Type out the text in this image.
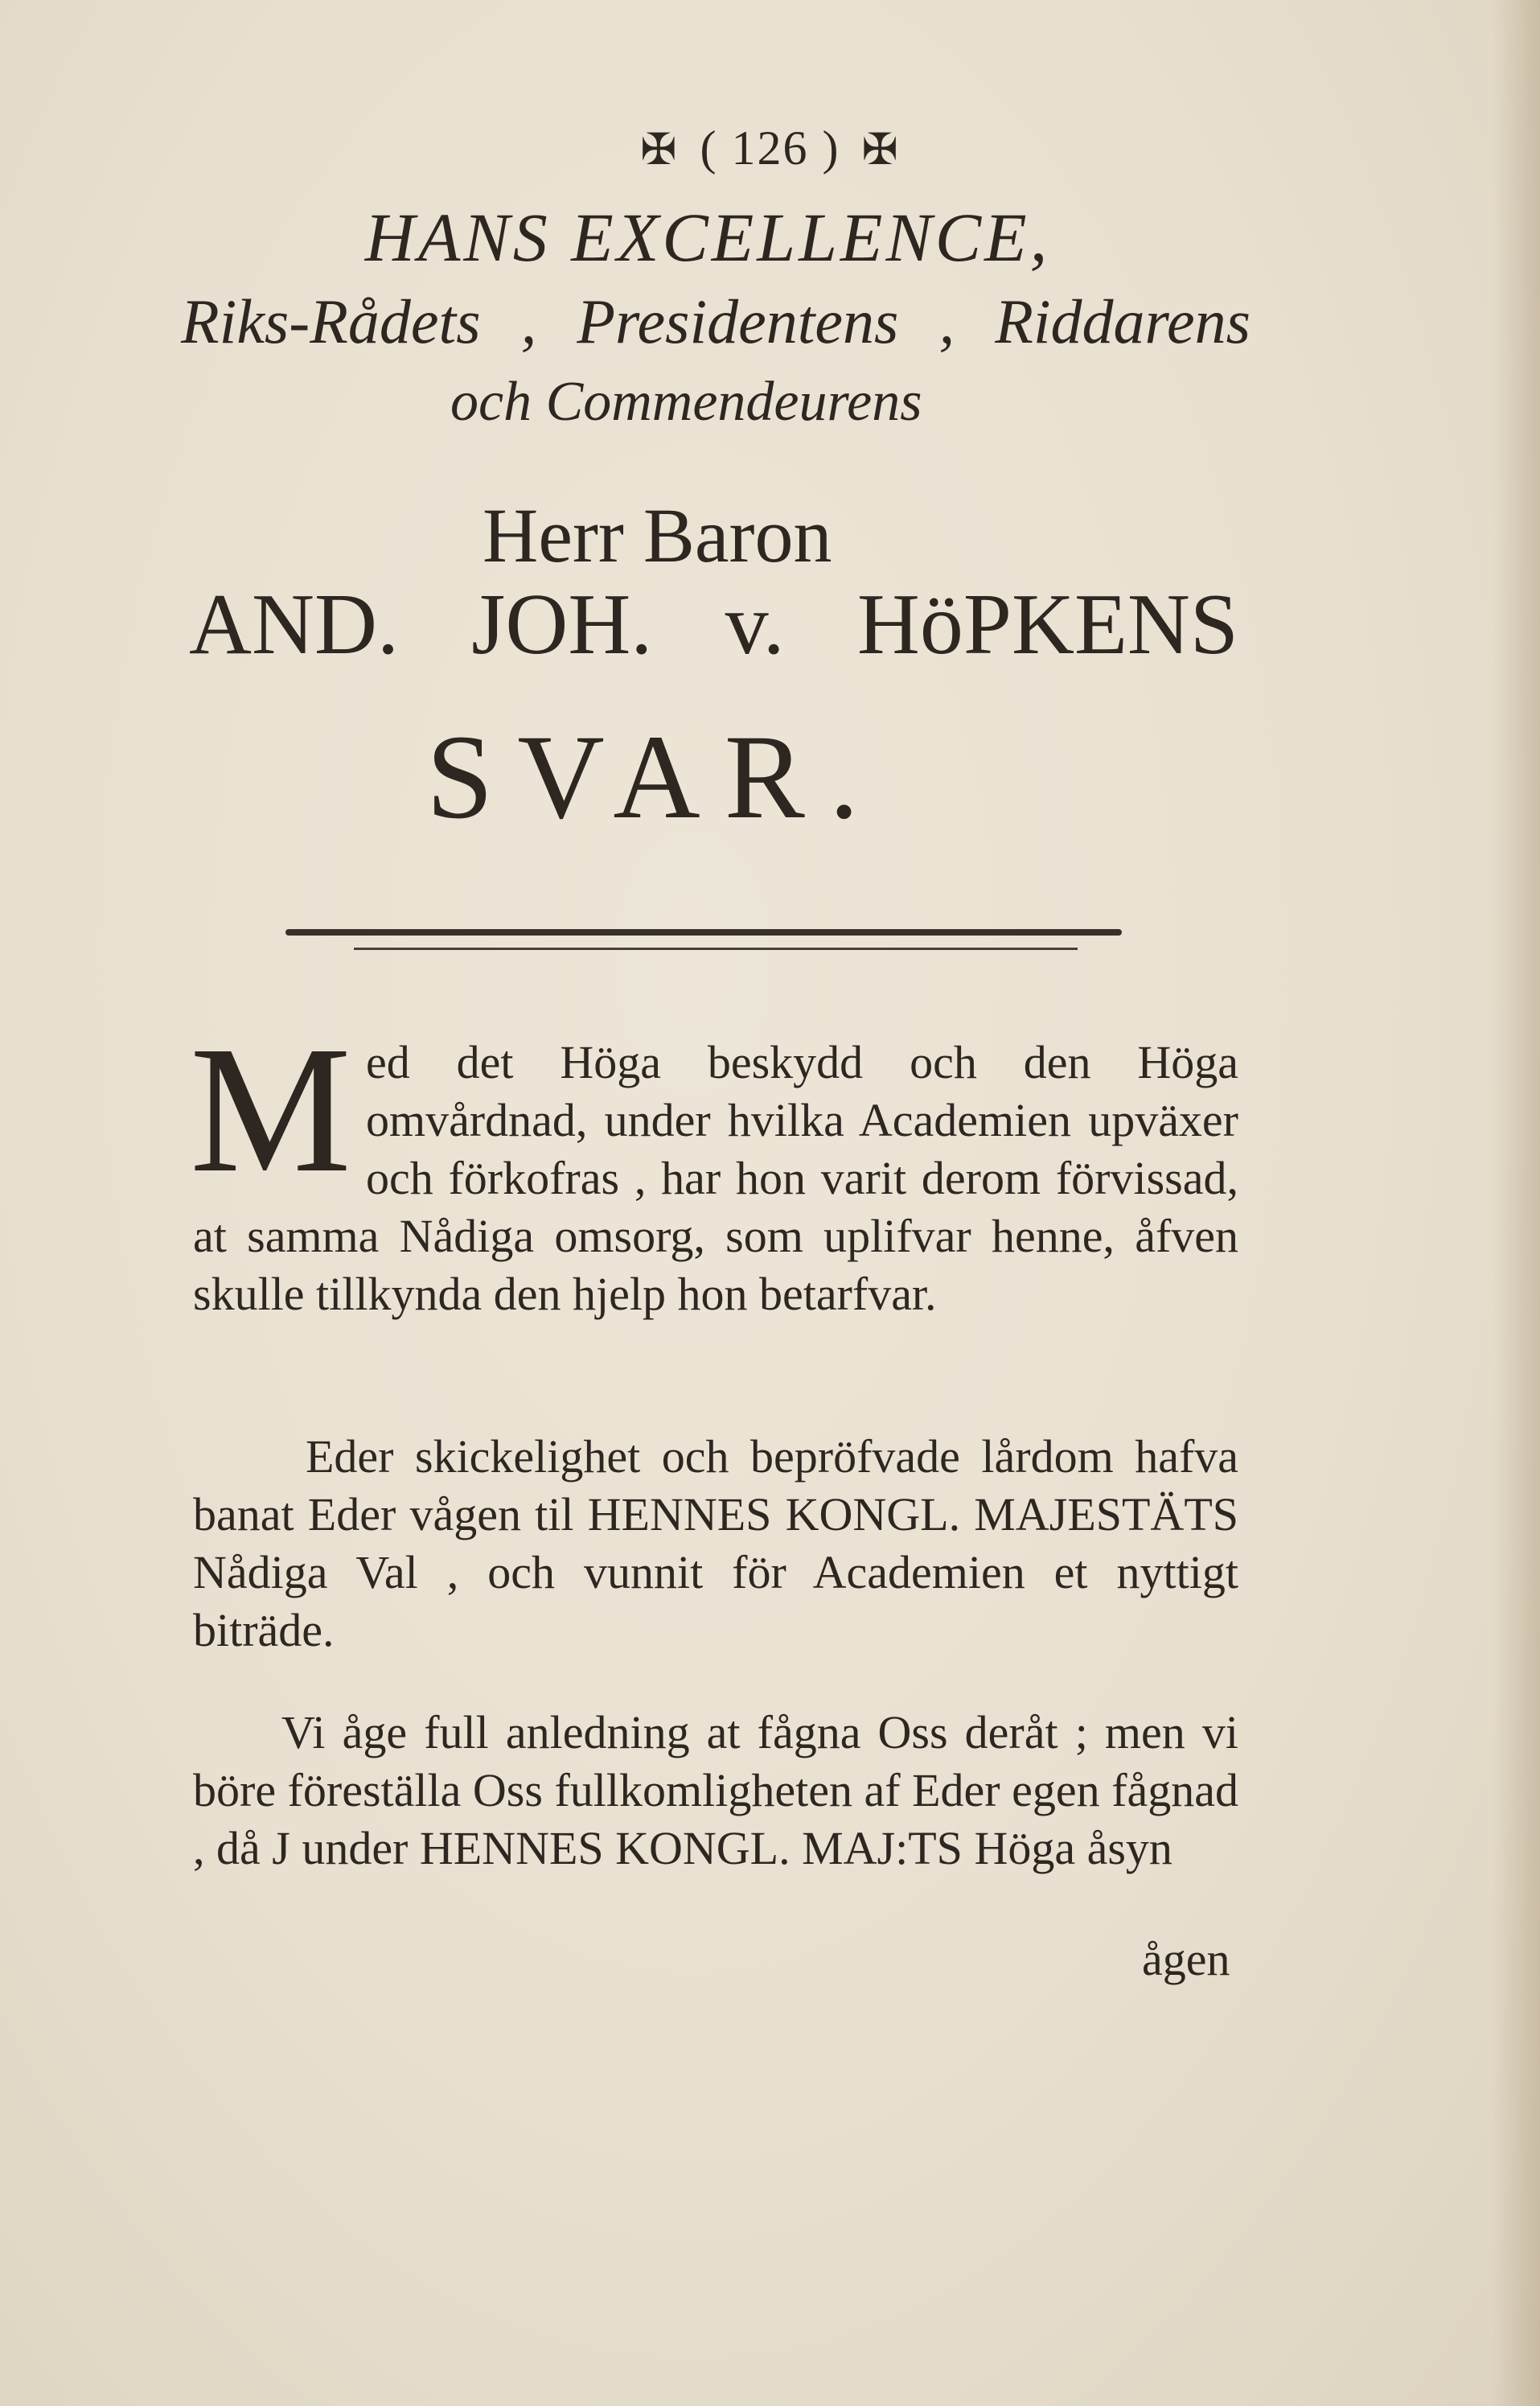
✠ ( 126 ) ✠
HANS EXCELLENCE,
Riks-Rådets , Presidentens , Riddarens
och Commendeurens
Herr Baron
AND. JOH. v. HöPKENS
SVAR.

Med det Höga beskydd och den Höga omvårdnad, under hvilka Academien upväxer och förkofras , har hon varit derom förvissad, at samma Nådiga omsorg, som uplifvar henne, åfven skulle tillkynda den hjelp hon betarfvar.

Eder skickelighet och bepröfvade lårdom hafva banat Eder vågen til HENNES KONGL. MAJESTÄTS Nådiga Val , och vunnit för Academien et nyttigt biträde.

Vi åge full anledning at fågna Oss deråt ; men vi böre föreställa Oss fullkomligheten af Eder egen fågnad , då J under HENNES KONGL. MAJ:TS Höga åsyn

ågen
